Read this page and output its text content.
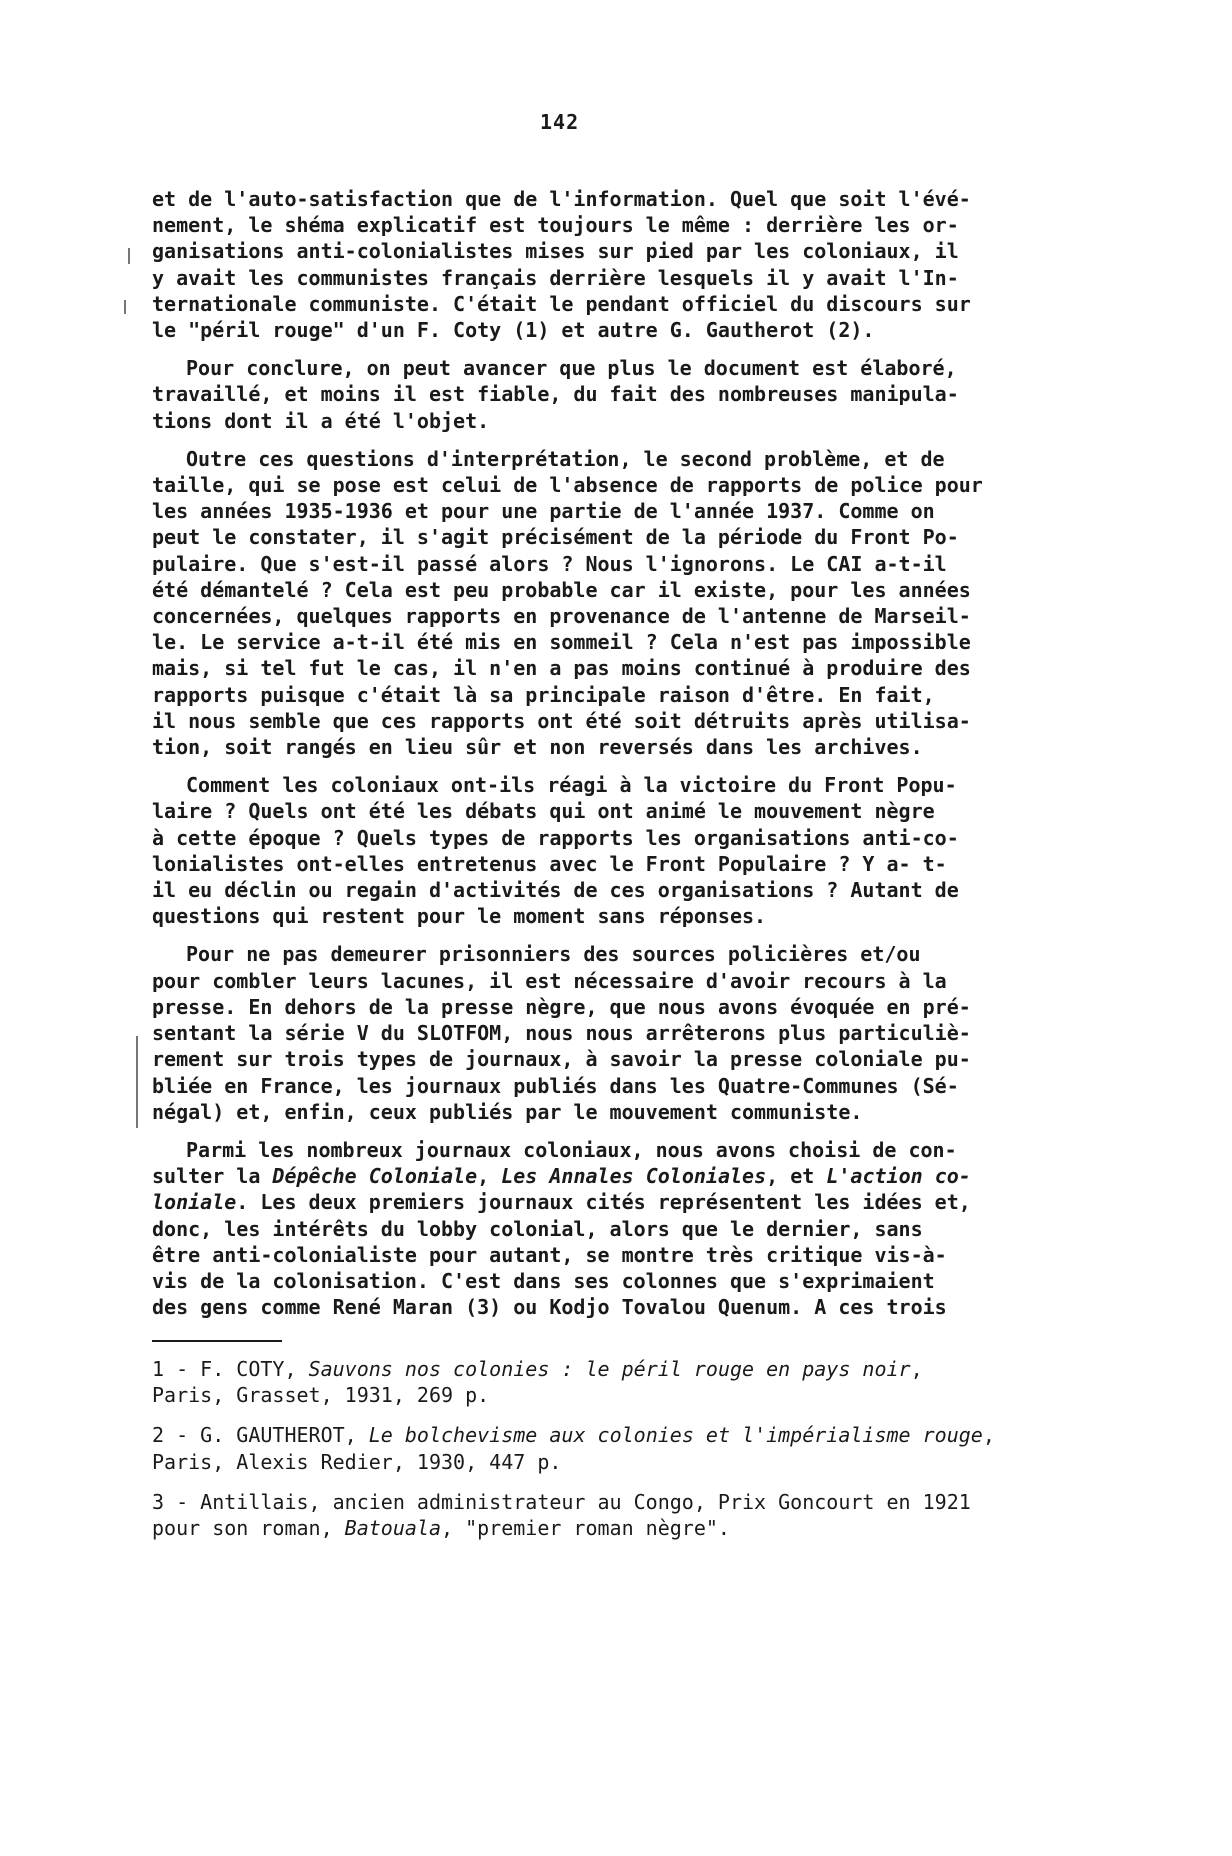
142
et de l'auto-satisfaction que de l'information. Quel que soit l'évé-
nement, le shéma explicatif est toujours le même : derrière les or-
ganisations anti-colonialistes mises sur pied par les coloniaux, il
y avait les communistes français derrière lesquels il y avait l'In-
ternationale communiste. C'était le pendant officiel du discours sur
le "péril rouge" d'un F. Coty (1) et autre G. Gautherot (2).
Pour conclure, on peut avancer que plus le document est élaboré,
travaillé, et moins il est fiable, du fait des nombreuses manipula-
tions dont il a été l'objet.
Outre ces questions d'interprétation, le second problème, et de
taille, qui se pose est celui de l'absence de rapports de police pour
les années 1935-1936 et pour une partie de l'année 1937. Comme on
peut le constater, il s'agit précisément de la période du Front Po-
pulaire. Que s'est-il passé alors ? Nous l'ignorons. Le CAI a-t-il
été démantelé ? Cela est peu probable car il existe, pour les années
concernées, quelques rapports en provenance de l'antenne de Marseil-
le. Le service a-t-il été mis en sommeil ? Cela n'est pas impossible
mais, si tel fut le cas, il n'en a pas moins continué à produire des
rapports puisque c'était là sa principale raison d'être. En fait,
il nous semble que ces rapports ont été soit détruits après utilisa-
tion, soit rangés en lieu sûr et non reversés dans les archives.
Comment les coloniaux ont-ils réagi à la victoire du Front Popu-
laire ? Quels ont été les débats qui ont animé le mouvement nègre
à cette époque ? Quels types de rapports les organisations anti-co-
lonialistes ont-elles entretenus avec le Front Populaire ? Y a- t-
il eu déclin ou regain d'activités de ces organisations ? Autant de
questions qui restent pour le moment sans réponses.
Pour ne pas demeurer prisonniers des sources policières et/ou
pour combler leurs lacunes, il est nécessaire d'avoir recours à la
presse. En dehors de la presse nègre, que nous avons évoquée en pré-
sentant la série V du SLOTFOM, nous nous arrêterons plus particuliè-
rement sur trois types de journaux, à savoir la presse coloniale pu-
bliée en France, les journaux publiés dans les Quatre-Communes (Sé-
négal) et, enfin, ceux publiés par le mouvement communiste.
Parmi les nombreux journaux coloniaux, nous avons choisi de con-
sulter la Dépêche Coloniale, Les Annales Coloniales, et L'action co-
loniale. Les deux premiers journaux cités représentent les idées et,
donc, les intérêts du lobby colonial, alors que le dernier, sans
être anti-colonialiste pour autant, se montre très critique vis-à-
vis de la colonisation. C'est dans ses colonnes que s'exprimaient
des gens comme René Maran (3) ou Kodjo Tovalou Quenum. A ces trois
1 - F. COTY, Sauvons nos colonies : le péril rouge en pays noir,
Paris, Grasset, 1931, 269 p.
2 - G. GAUTHEROT, Le bolchevisme aux colonies et l'impérialisme rouge,
Paris, Alexis Redier, 1930, 447 p.
3 - Antillais, ancien administrateur au Congo, Prix Goncourt en 1921
pour son roman, Batouala, "premier roman nègre".
